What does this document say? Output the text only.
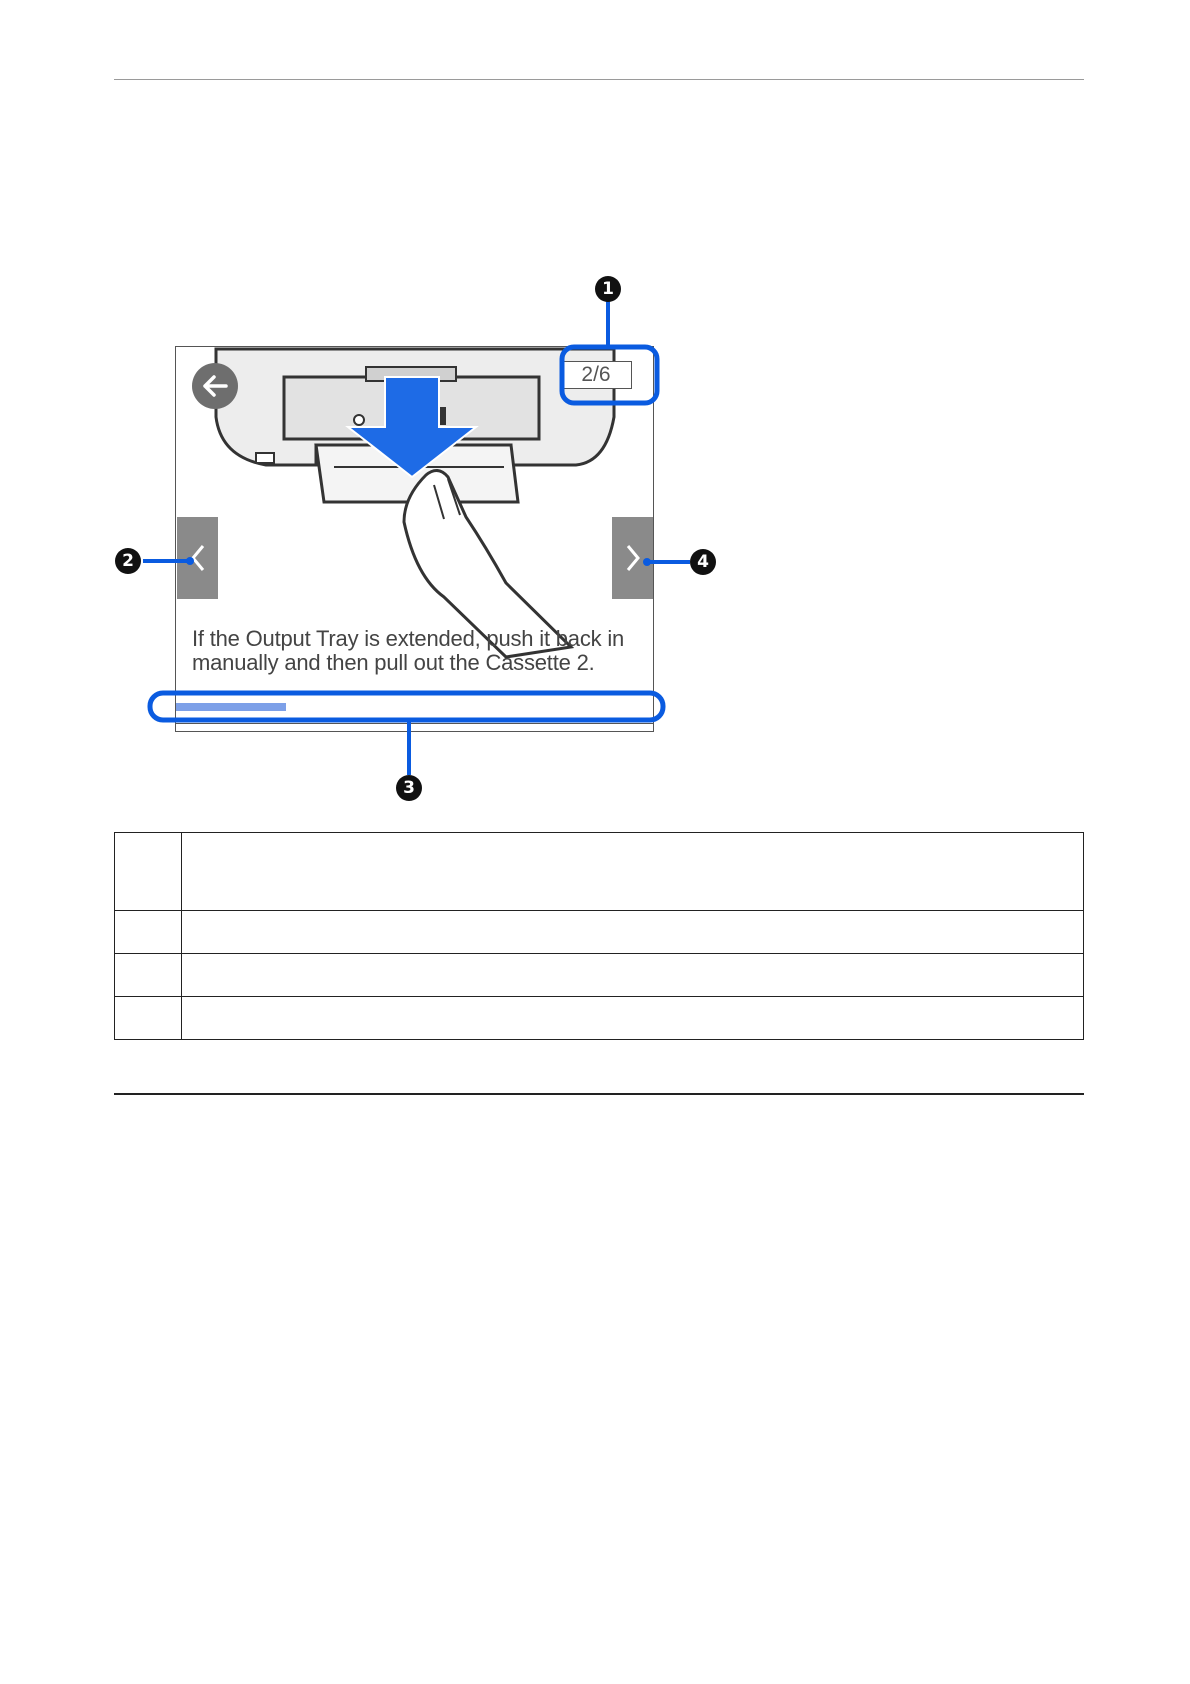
2/6
If the Output Tray is extended, push it back in manually and then pull out the Cassette 2.
1
2
3
4
